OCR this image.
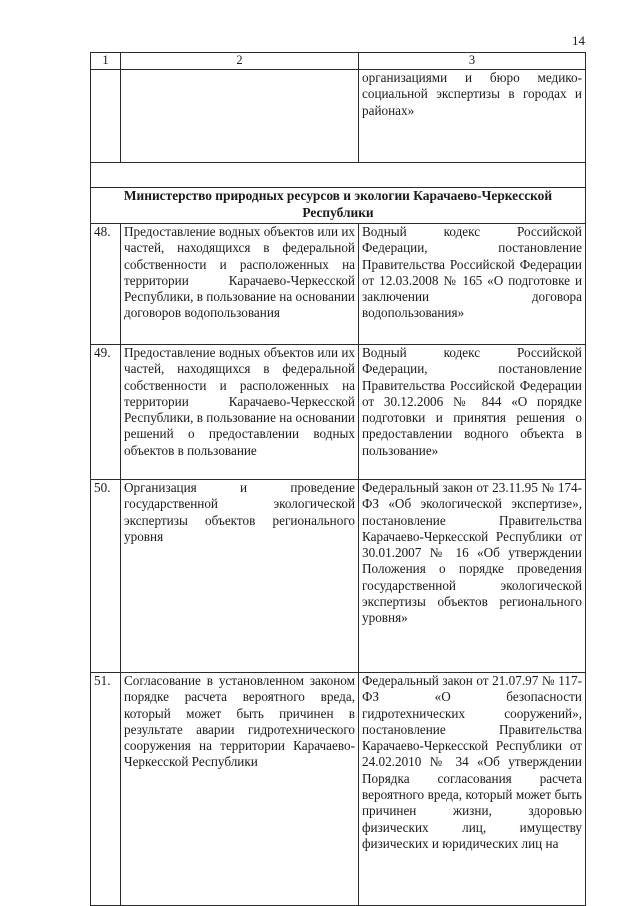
14
1	2	3
		организациями и бюро медико-социальной экспертизы в городах и районах»

Министерство природных ресурсов и экологии Карачаево-Черкесской Республики		
48.	Предоставление водных объектов или их частей, находящихся в федеральной собственности и расположенных на территории Карачаево-Черкесской Республики, в пользование на основании договоров водопользования	Водный кодекс Российской Федерации, постановление Правительства Российской Федерации от 12.03.2008 № 165 «О подготовке и заключении договора водопользования»
49.	Предоставление водных объектов или их частей, находящихся в федеральной собственности и расположенных на территории Карачаево-Черкесской Республики, в пользование на основании решений о предоставлении водных объектов в пользование	Водный кодекс Российской Федерации, постановление Правительства Российской Федерации от 30.12.2006 № 844 «О порядке подготовки и принятия решения о предоставлении водного объекта в пользование»
50.	Организация и проведение государственной экологической экспертизы объектов регионального уровня	Федеральный закон от 23.11.95 № 174-ФЗ «Об экологической экспертизе», постановление Правительства Карачаево-Черкесской Республики от 30.01.2007 № 16 «Об утверждении Положения о порядке проведения государственной экологической экспертизы объектов регионального уровня»
51.	Согласование в установленном законом порядке расчета вероятного вреда, который может быть причинен в результате аварии гидротехнического сооружения на территории Карачаево-Черкесской Республики	Федеральный закон от 21.07.97 № 117-ФЗ «О безопасности гидротехнических сооружений», постановление Правительства Карачаево-Черкесской Республики от 24.02.2010 № 34 «Об утверждении Порядка согласования расчета вероятного вреда, который может быть причинен жизни, здоровью физических лиц, имуществу физических и юридических лиц на
